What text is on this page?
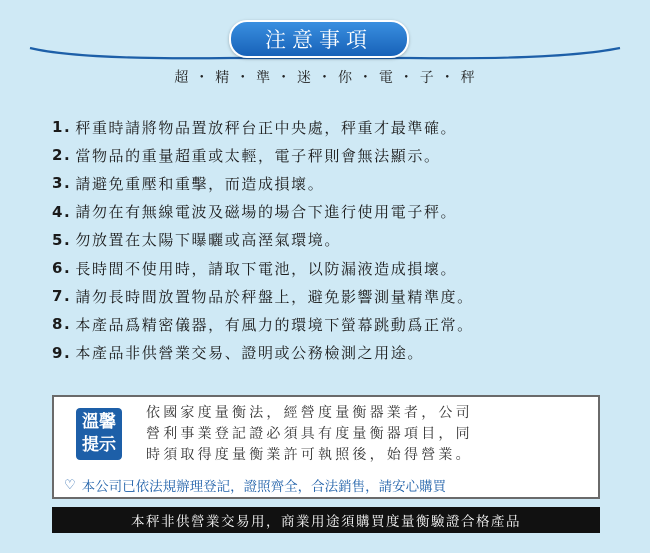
注意事項
超 ・ 精 ・ 準 ・ 迷 ・ 你 ・ 電 ・ 子 ・ 秤
1. 秤重時請將物品置放秤台正中央處，秤重才最準確。
2. 當物品的重量超重或太輕，電子秤則會無法顯示。
3. 請避免重壓和重擊，而造成損壞。
4. 請勿在有無線電波及磁場的場合下進行使用電子秤。
5. 勿放置在太陽下曝曬或高溼氣環境。
6. 長時間不使用時，請取下電池，以防漏液造成損壞。
7. 請勿長時間放置物品於秤盤上，避免影響測量精準度。
8. 本產品爲精密儀器，有風力的環境下螢幕跳動爲正常。
9. 本產品非供營業交易、證明或公務檢測之用途。
溫馨
提示
依國家度量衡法，經營度量衡器業者，公司
營利事業登記證必須具有度量衡器項目，同
時須取得度量衡業許可執照後，始得營業。
♡ 本公司已依法規辦理登記，證照齊全，合法銷售，請安心購買
本秤非供營業交易用，商業用途須購買度量衡驗證合格產品
